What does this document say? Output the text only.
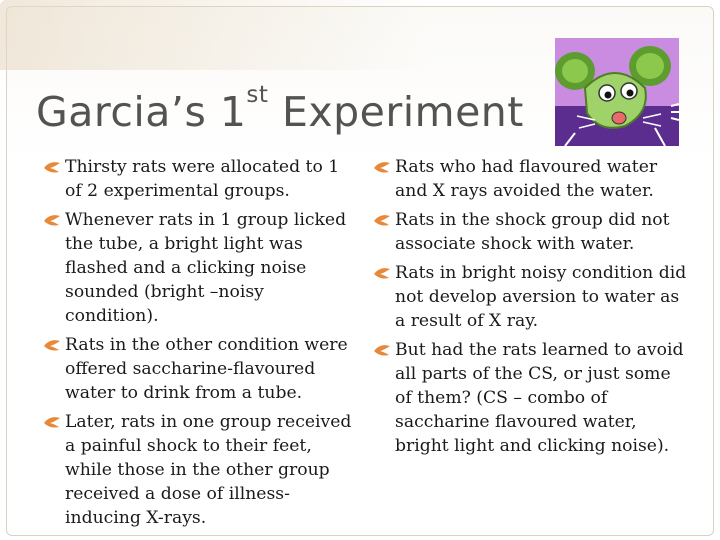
Garcia’s 1st Experiment
Thirsty rats were allocated to 1 of 2 experimental groups.
Whenever rats in 1 group licked the tube, a bright light was flashed and a clicking noise sounded (bright –noisy condition).
Rats in the other condition were offered saccharine-flavoured water to drink from a tube.
Later, rats in one group received a painful shock to their feet, while those in the other group received a dose of illness-inducing X-rays.
Rats who had flavoured water and X rays avoided the water.
Rats in the shock group did not associate shock with water.
Rats in bright noisy condition did not develop aversion to water as a result of X ray.
But had the rats learned to avoid all parts of the CS, or just some of them? (CS – combo of saccharine flavoured water, bright light and clicking noise).
